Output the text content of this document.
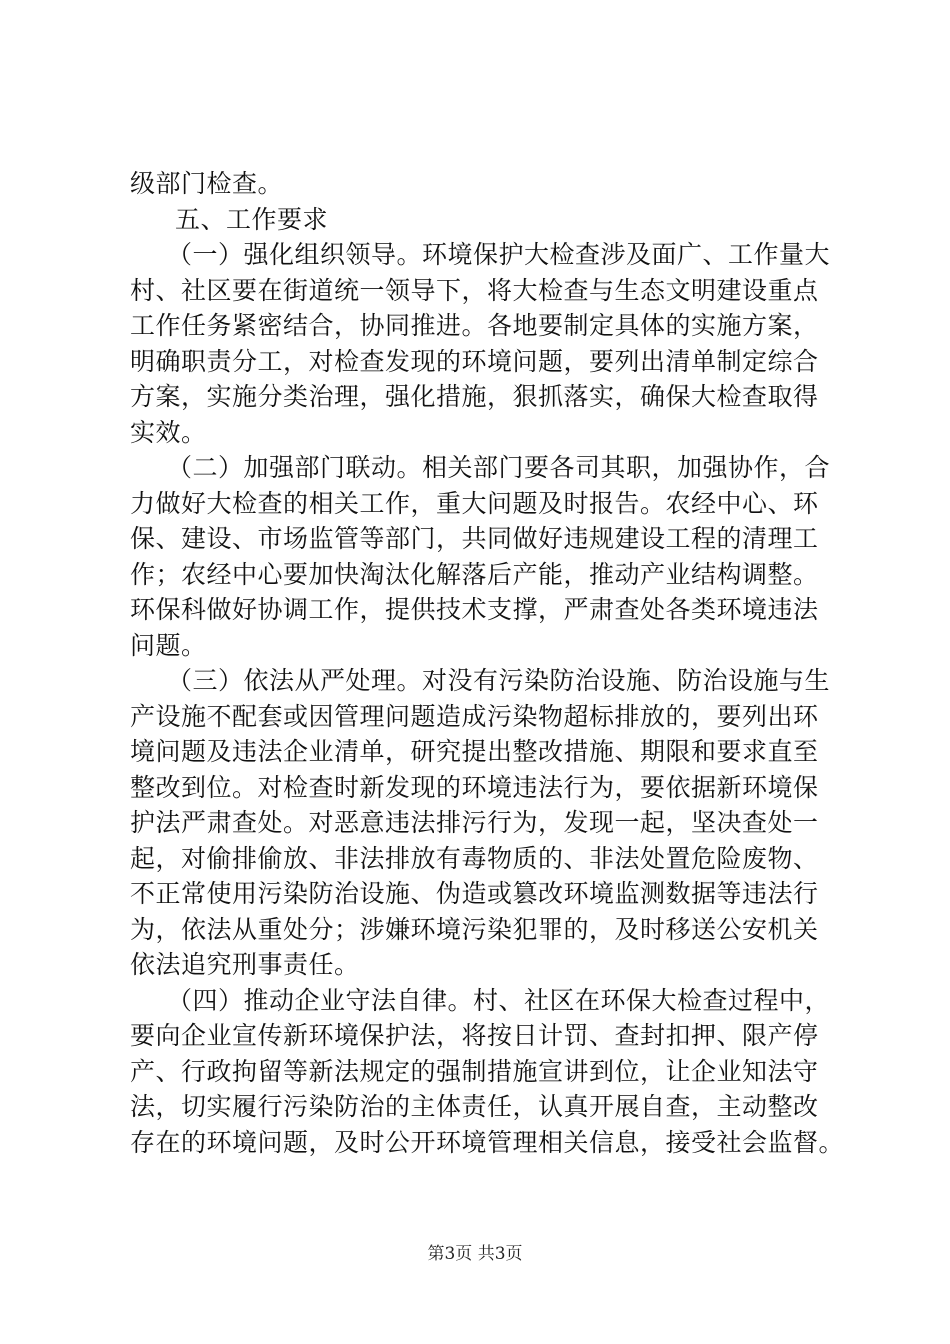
级部门检查。
五、工作要求
（一）强化组织领导。环境保护大检查涉及面广、工作量大
村、社区要在街道统一领导下，将大检查与生态文明建设重点
工作任务紧密结合，协同推进。各地要制定具体的实施方案，
明确职责分工，对检查发现的环境问题，要列出清单制定综合
方案，实施分类治理，强化措施，狠抓落实，确保大检查取得
实效。
（二）加强部门联动。相关部门要各司其职，加强协作，合
力做好大检查的相关工作，重大问题及时报告。农经中心、环
保、建设、市场监管等部门，共同做好违规建设工程的清理工
作；农经中心要加快淘汰化解落后产能，推动产业结构调整。
环保科做好协调工作，提供技术支撑，严肃查处各类环境违法
问题。
（三）依法从严处理。对没有污染防治设施、防治设施与生
产设施不配套或因管理问题造成污染物超标排放的，要列出环
境问题及违法企业清单，研究提出整改措施、期限和要求直至
整改到位。对检查时新发现的环境违法行为，要依据新环境保
护法严肃查处。对恶意违法排污行为，发现一起，坚决查处一
起，对偷排偷放、非法排放有毒物质的、非法处置危险废物、
不正常使用污染防治设施、伪造或篡改环境监测数据等违法行
为，依法从重处分；涉嫌环境污染犯罪的，及时移送公安机关
依法追究刑事责任。
（四）推动企业守法自律。村、社区在环保大检查过程中，
要向企业宣传新环境保护法，将按日计罚、查封扣押、限产停
产、行政拘留等新法规定的强制措施宣讲到位，让企业知法守
法，切实履行污染防治的主体责任，认真开展自查，主动整改
存在的环境问题，及时公开环境管理相关信息，接受社会监督。
第3页 共3页
